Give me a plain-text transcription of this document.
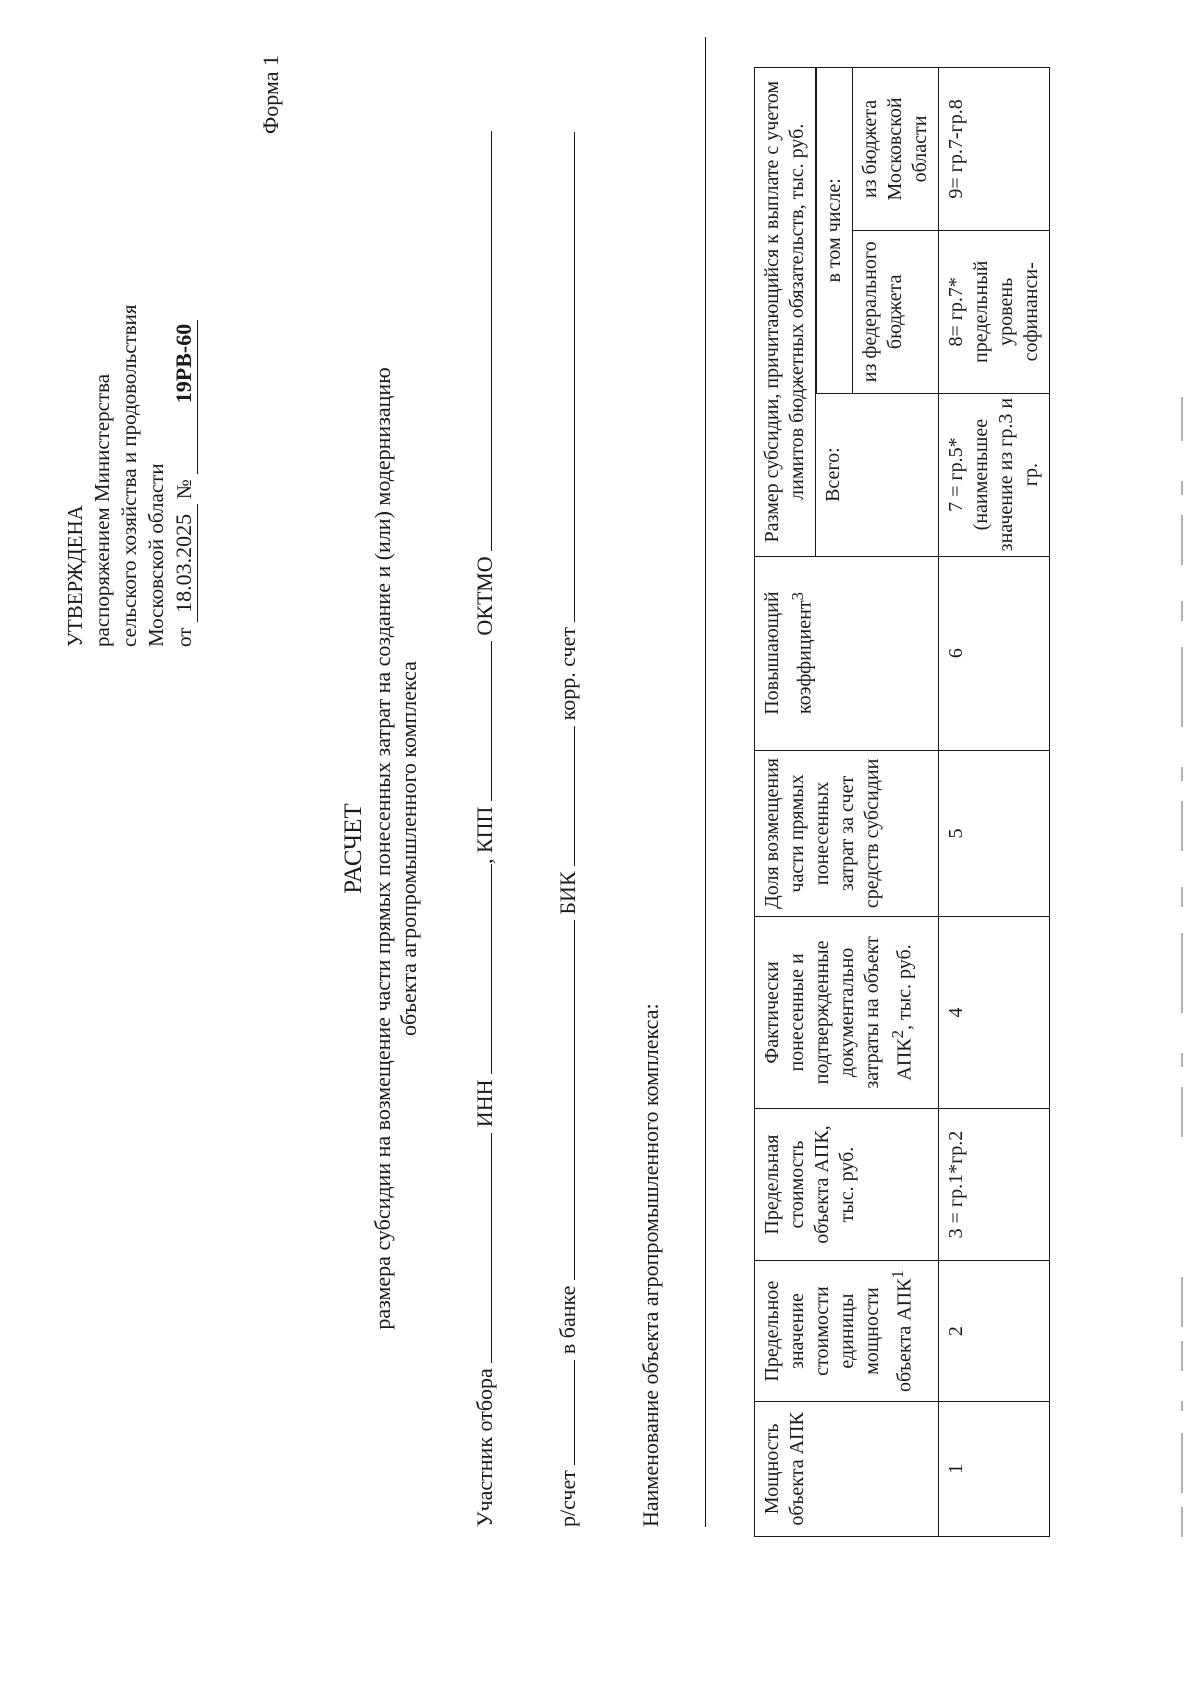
УТВЕРЖДЕНА распоряжением Министерства сельского хозяйства и продовольствия Московской области от 18.03.2025 № 19РВ-60
Форма 1
РАСЧЕТ размера субсидии на возмещение части прямых понесенных затрат на создание и (или) модернизацию объекта агропромышленного комплекса
Участник отбора  ИНН , КПП  ОКТМО
р/счет  в банке  БИК  корр. счет
Наименование объекта агропромышленного комплекса:	Мощность объекта АПК	Предельное значение стоимости единицы мощности объекта АПК$^1$	Предельная стоимость объекта АПК, тыс. руб.	Фактически понесенные и подтвержденные документально затраты на объект АПК$^2$, тыс. руб.	Доля возмещения части прямых понесенных затрат за счет средств субсидии	Повышающий коэффициент$^3$	Размер субсидии, причитающийся к выплате с учетом лимитов бюджетных обязательств, тыс. руб.		
						Всего:		
							в том числе:	
							из федерального бюджета	из бюджета Московской области
1	2	3 = гр.1*гр.2	4	5	6	7 = гр.5* (наименьшее значение из гр.3 и гр.	8= гр.7* предельный уровень софинанси-	9= гр.7-гр.8
